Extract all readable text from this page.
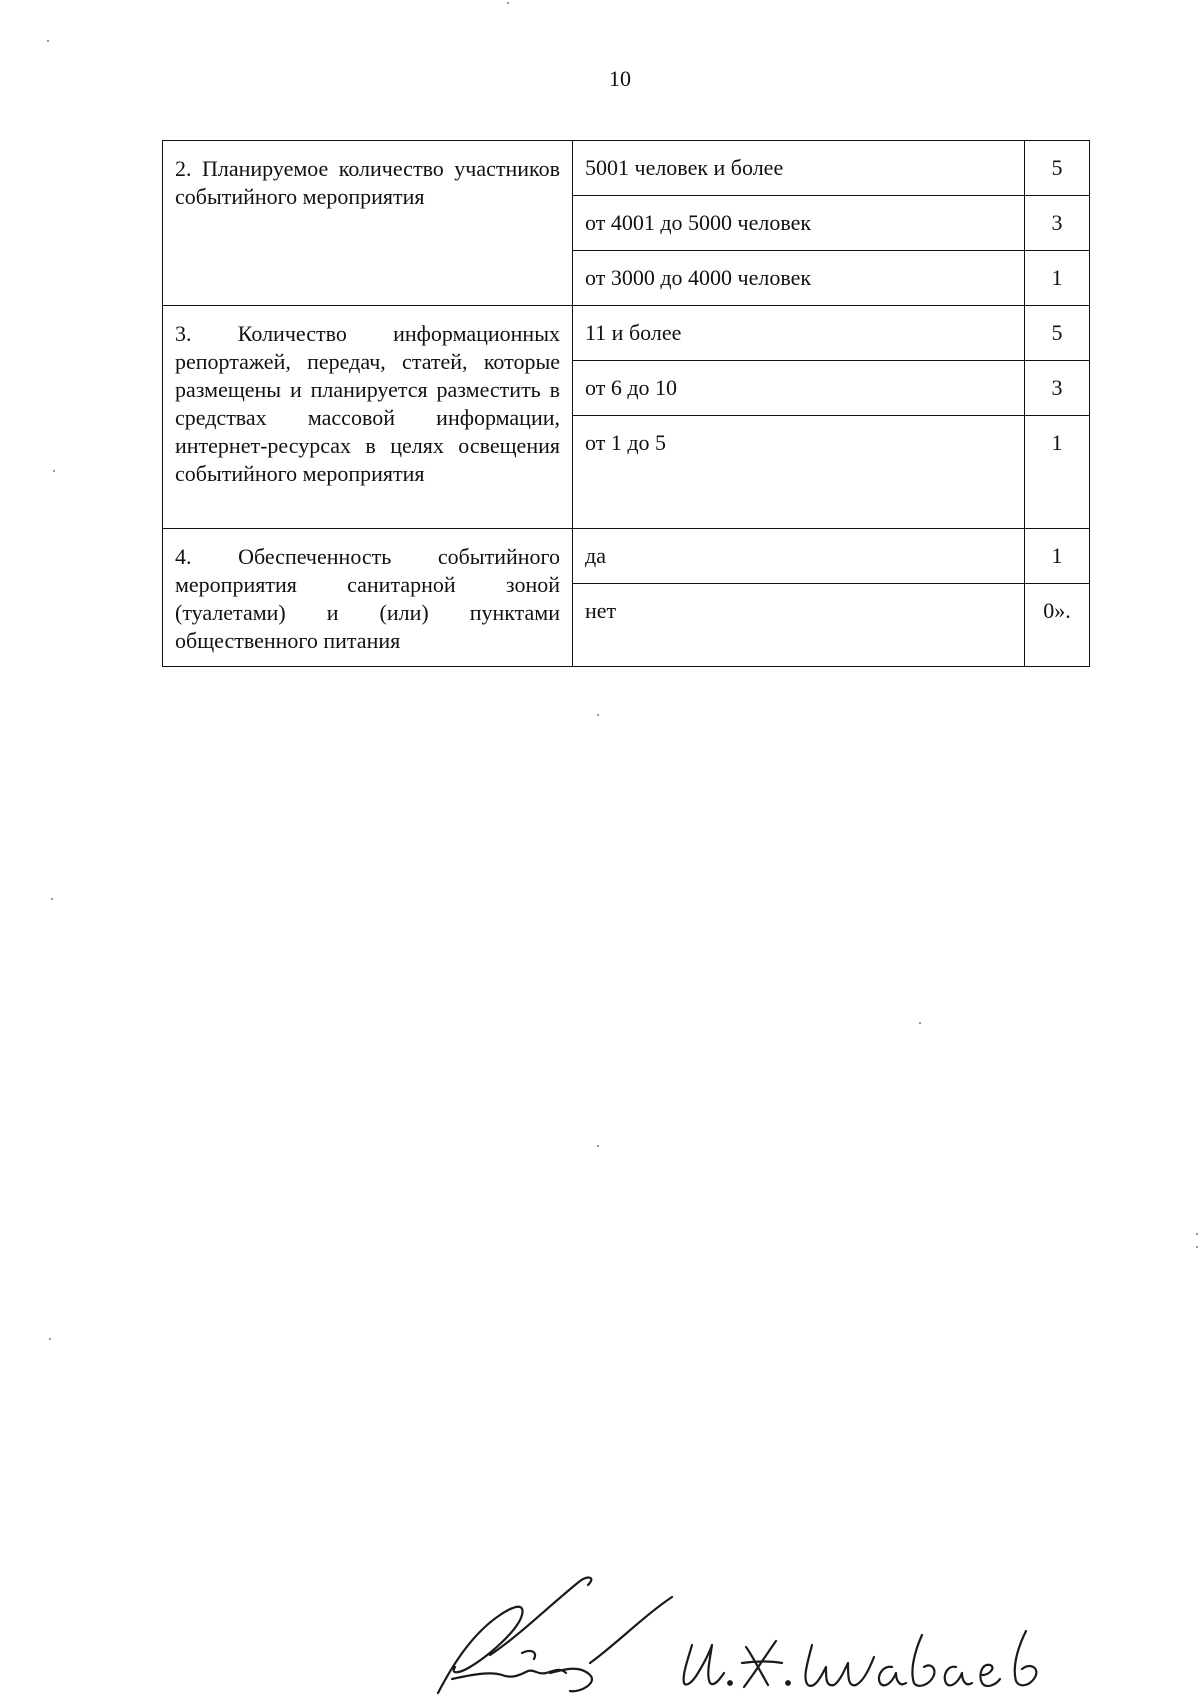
10
2. Планируемое количество участников событийного мероприятия	5001 человек и более	5
	от 4001 до 5000 человек	3
	от 3000 до 4000 человек	1

3. Количество информационных репортажей, передач, статей, которые размещены и планируется разместить в средствах массовой информации, интернет-ресурсах в целях освещения событийного мероприятия	11 и более	5
	от 6 до 10	3
	от 1 до 5	1

4. Обеспеченность событийного мероприятия санитарной зоной (туалетами) и (или) пунктами общественного питания	да	1
	нет	0».
